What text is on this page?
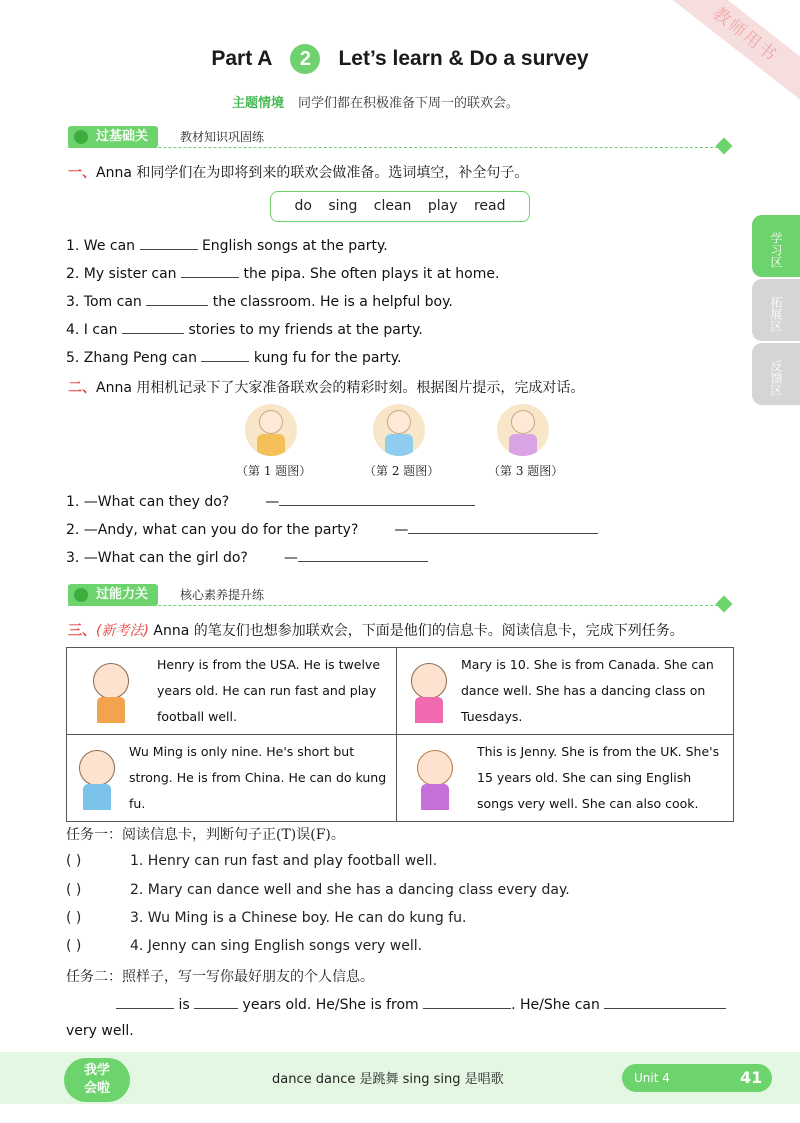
教师用书
Part A 2 Let’s learn & Do a survey
主题情境 同学们都在积极准备下周一的联欢会。
过基础关	教材知识巩固练
一、Anna 和同学们在为即将到来的联欢会做准备。选词填空，补全句子。
do sing clean play read
1. We can	English songs at the party.
2. My sister can	the pipa. She often plays it at home.
3. Tom can	the classroom. He is a helpful boy.
4. I can	stories to my friends at the party.
5. Zhang Peng can	kung fu for the party.
二、Anna 用相机记录下了大家准备联欢会的精彩时刻。根据图片提示，完成对话。
（第 1 题图）	（第 2 题图）	（第 3 题图）
1. —What can they do?	—
2. —Andy, what can you do for the party?	—
3. —What can the girl do?	—
过能力关	核心素养提升练
三、(新考法) Anna 的笔友们也想参加联欢会，下面是他们的信息卡。阅读信息卡，完成下列任务。
Henry is from the USA. He is twelve years old. He can run fast and play football well.	Mary is 10. She is from Canada. She can dance well. She has a dancing class on Tuesdays.

Wu Ming is only nine. He's short but strong. He is from China. He can do kung fu.	This is Jenny. She is from the UK. She's 15 years old. She can sing English songs very well. She can also cook.
任务一：阅读信息卡，判断句子正(T)误(F)。
( )	1. Henry can run fast and play football well.
( )	2. Mary can dance well and she has a dancing class every day.
( )	3. Wu Ming is a Chinese boy. He can do kung fu.
( )	4. Jenny can sing English songs very well.
任务二：照样子，写一写你最好朋友的个人信息。
is	years old. He/She is from	. He/She can
very well.
学习区
拓展区
反馈区
我学
会啦
dance dance 是跳舞 sing sing 是唱歌	Unit 4	41
